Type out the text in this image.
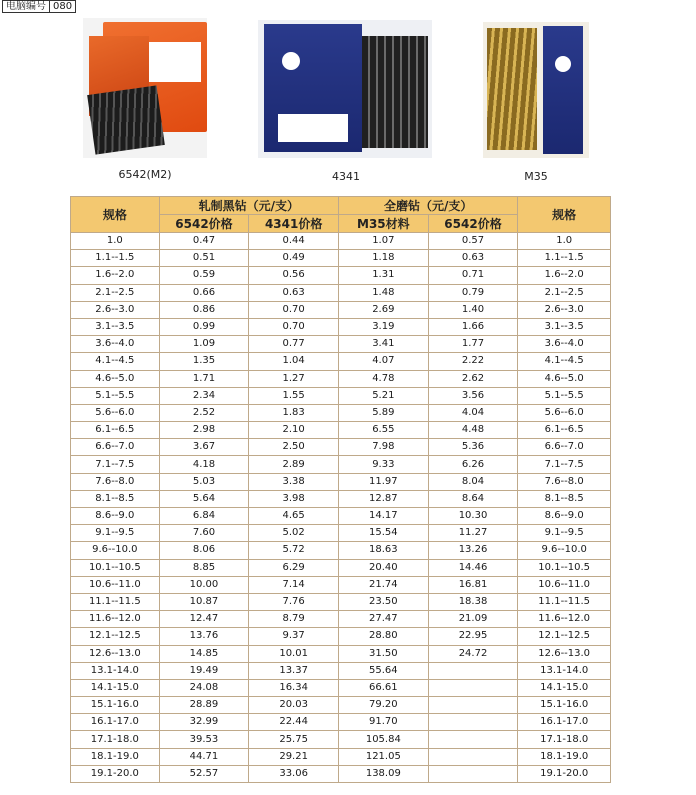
电脑编号 080
6542(M2)	4341	M35
规格	轧制黑钻（元/支）		全磨钻（元/支）		规格
	6542价格	4341价格	M35材料	6542价格	
1.0	0.47	0.44	1.07	0.57	1.0
1.1--1.5	0.51	0.49	1.18	0.63	1.1--1.5
1.6--2.0	0.59	0.56	1.31	0.71	1.6--2.0
2.1--2.5	0.66	0.63	1.48	0.79	2.1--2.5
2.6--3.0	0.86	0.70	2.69	1.40	2.6--3.0
3.1--3.5	0.99	0.70	3.19	1.66	3.1--3.5
3.6--4.0	1.09	0.77	3.41	1.77	3.6--4.0
4.1--4.5	1.35	1.04	4.07	2.22	4.1--4.5
4.6--5.0	1.71	1.27	4.78	2.62	4.6--5.0
5.1--5.5	2.34	1.55	5.21	3.56	5.1--5.5
5.6--6.0	2.52	1.83	5.89	4.04	5.6--6.0
6.1--6.5	2.98	2.10	6.55	4.48	6.1--6.5
6.6--7.0	3.67	2.50	7.98	5.36	6.6--7.0
7.1--7.5	4.18	2.89	9.33	6.26	7.1--7.5
7.6--8.0	5.03	3.38	11.97	8.04	7.6--8.0
8.1--8.5	5.64	3.98	12.87	8.64	8.1--8.5
8.6--9.0	6.84	4.65	14.17	10.30	8.6--9.0
9.1--9.5	7.60	5.02	15.54	11.27	9.1--9.5
9.6--10.0	8.06	5.72	18.63	13.26	9.6--10.0
10.1--10.5	8.85	6.29	20.40	14.46	10.1--10.5
10.6--11.0	10.00	7.14	21.74	16.81	10.6--11.0
11.1--11.5	10.87	7.76	23.50	18.38	11.1--11.5
11.6--12.0	12.47	8.79	27.47	21.09	11.6--12.0
12.1--12.5	13.76	9.37	28.80	22.95	12.1--12.5
12.6--13.0	14.85	10.01	31.50	24.72	12.6--13.0
13.1-14.0	19.49	13.37	55.64		13.1-14.0
14.1-15.0	24.08	16.34	66.61		14.1-15.0
15.1-16.0	28.89	20.03	79.20		15.1-16.0
16.1-17.0	32.99	22.44	91.70		16.1-17.0
17.1-18.0	39.53	25.75	105.84		17.1-18.0
18.1-19.0	44.71	29.21	121.05		18.1-19.0
19.1-20.0	52.57	33.06	138.09		19.1-20.0
